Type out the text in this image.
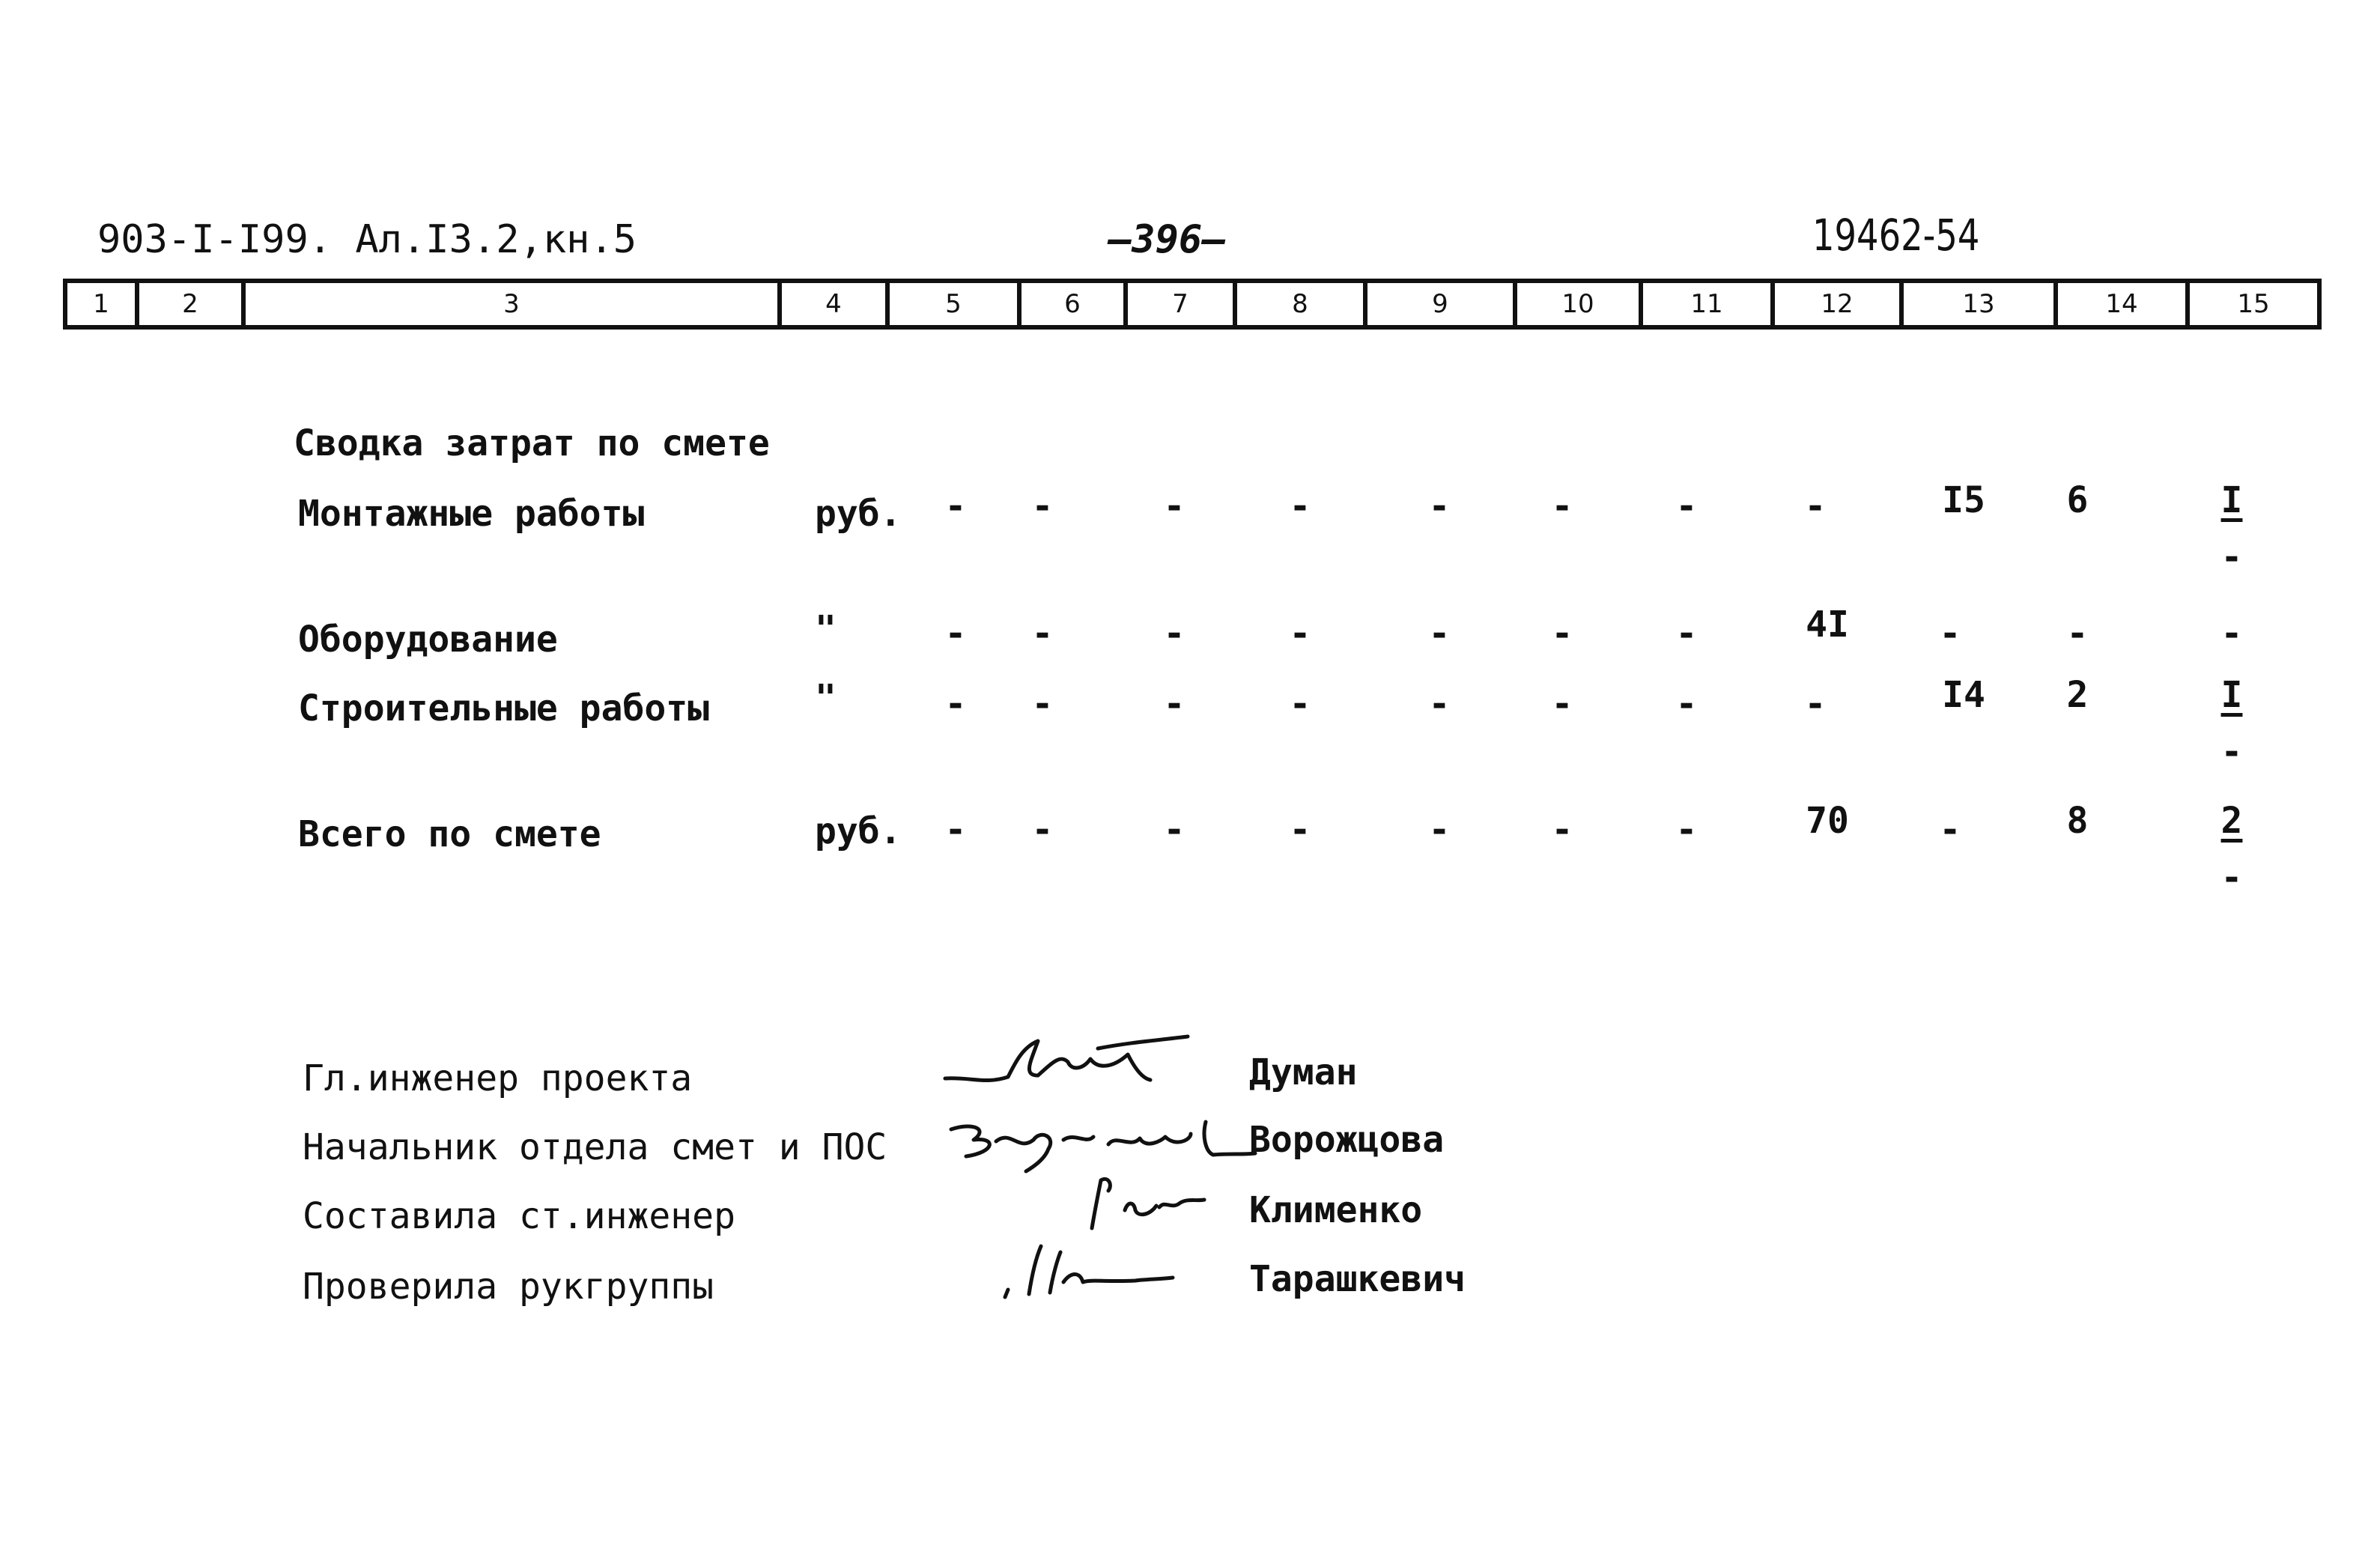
903-I-I99. Ал.I3.2,кн.5	—396—	19462-54
1	2	3	4	5	6	7	8	9	10	11	12	13	14	15
Сводка затрат по смете
Монтажные работы	руб.	-	-	-	-	-	-	-	-	I5	6	I
-
Оборудование	"	-	-	-	-	-	-	-	4I	-	-	-
Строительные работы	"	-	-	-	-	-	-	-	-	I4	2	I
-
Всего по смете	руб.	-	-	-	-	-	-	-	70	-	8	2
-
Гл.инженер проекта	Думан
Начальник отдела смет и ПОС	Ворожцова
Составила ст.инженер	Клименко
Проверила рукгруппы	Тарашкевич
